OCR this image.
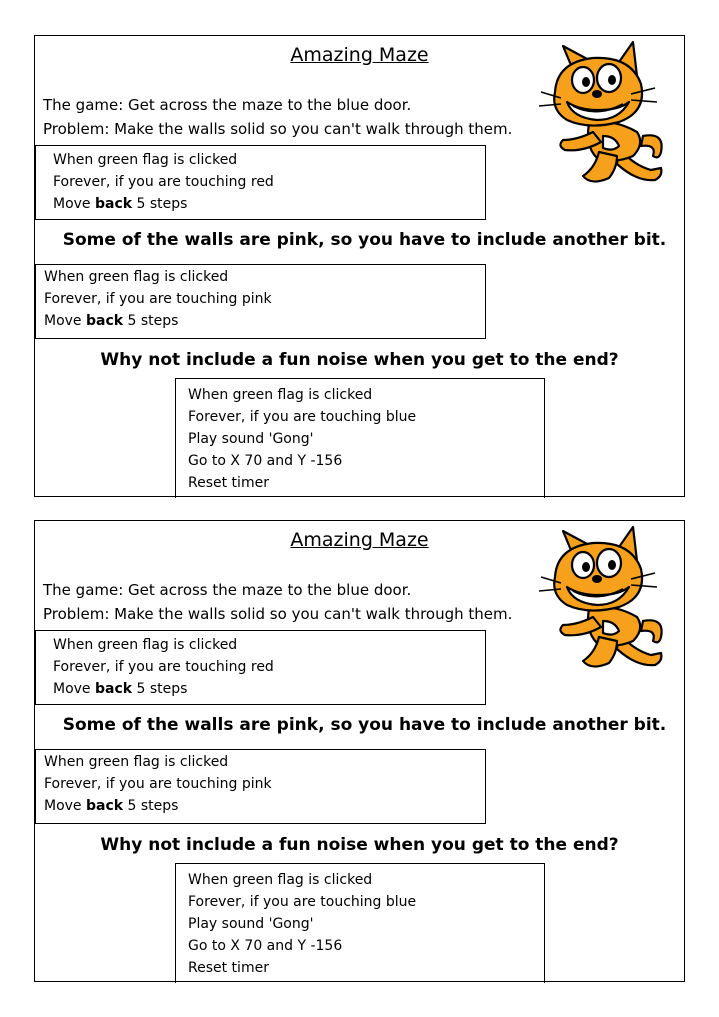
Amazing Maze
The game: Get across the maze to the blue door.
Problem: Make the walls solid so you can't walk through them.
When green flag is clicked
Forever, if you are touching red
Move back 5 steps
Some of the walls are pink, so you have to include another bit.
When green flag is clicked
Forever, if you are touching pink
Move back 5 steps
Why not include a fun noise when you get to the end?
When green flag is clicked
Forever, if you are touching blue
Play sound 'Gong'
Go to X 70 and Y -156
Reset timer
Amazing Maze
The game: Get across the maze to the blue door.
Problem: Make the walls solid so you can't walk through them.
When green flag is clicked
Forever, if you are touching red
Move back 5 steps
Some of the walls are pink, so you have to include another bit.
When green flag is clicked
Forever, if you are touching pink
Move back 5 steps
Why not include a fun noise when you get to the end?
When green flag is clicked
Forever, if you are touching blue
Play sound 'Gong'
Go to X 70 and Y -156
Reset timer
